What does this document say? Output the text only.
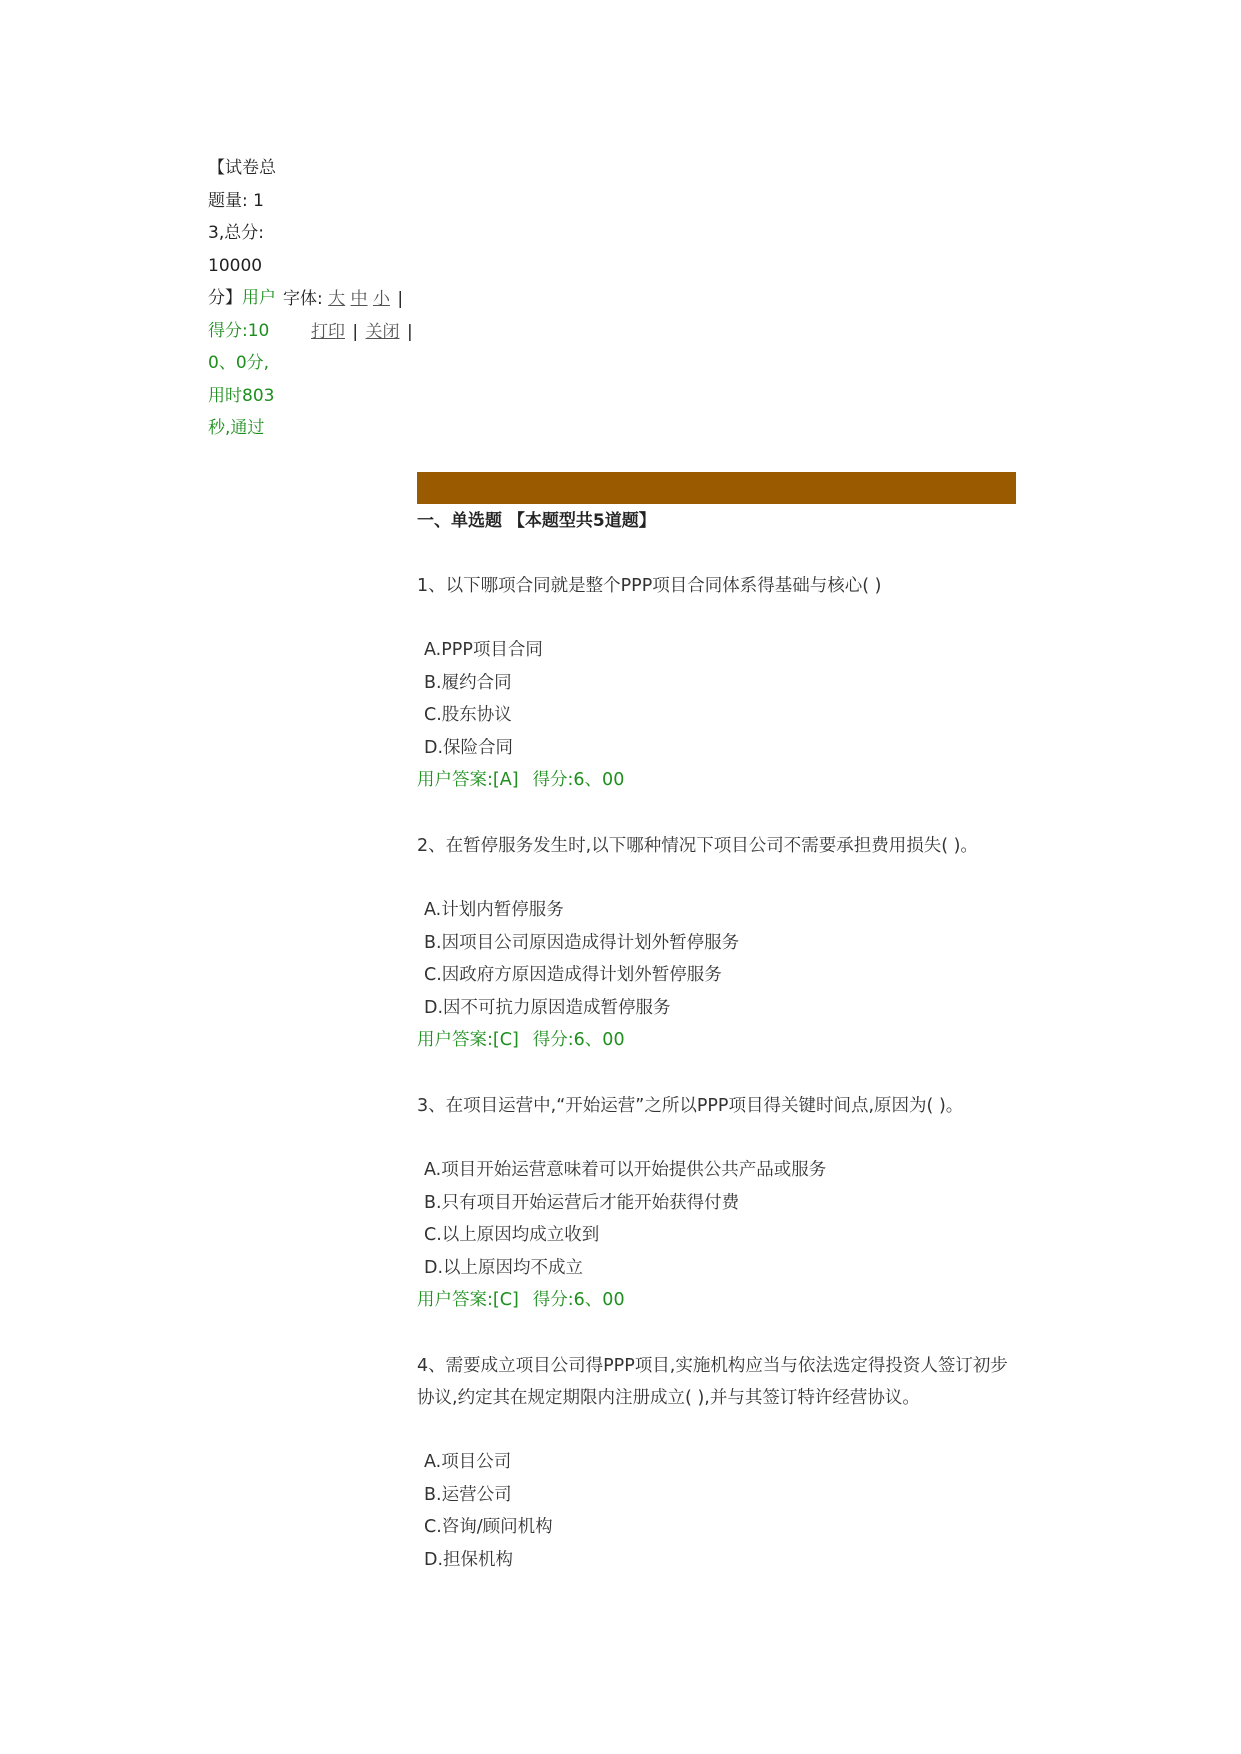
【试卷总题量: 13,总分: 10000分】用户得分:100、0分,用时803秒,通过
字体: 大 中 小 |
打印 | 关闭 |
一、单选题 【本题型共5道题】
1、以下哪项合同就是整个PPP项目合同体系得基础与核心( )
A.PPP项目合同
B.履约合同
C.股东协议
D.保险合同
用户答案:[A] 得分:6、00
2、在暂停服务发生时,以下哪种情况下项目公司不需要承担费用损失( )。
A.计划内暂停服务
B.因项目公司原因造成得计划外暂停服务
C.因政府方原因造成得计划外暂停服务
D.因不可抗力原因造成暂停服务
用户答案:[C] 得分:6、00
3、在项目运营中,“开始运营”之所以PPP项目得关键时间点,原因为( )。
A.项目开始运营意味着可以开始提供公共产品或服务
B.只有项目开始运营后才能开始获得付费
C.以上原因均成立收到
D.以上原因均不成立
用户答案:[C] 得分:6、00
4、需要成立项目公司得PPP项目,实施机构应当与依法选定得投资人签订初步协议,约定其在规定期限内注册成立( ),并与其签订特许经营协议。
A.项目公司
B.运营公司
C.咨询/顾问机构
D.担保机构
